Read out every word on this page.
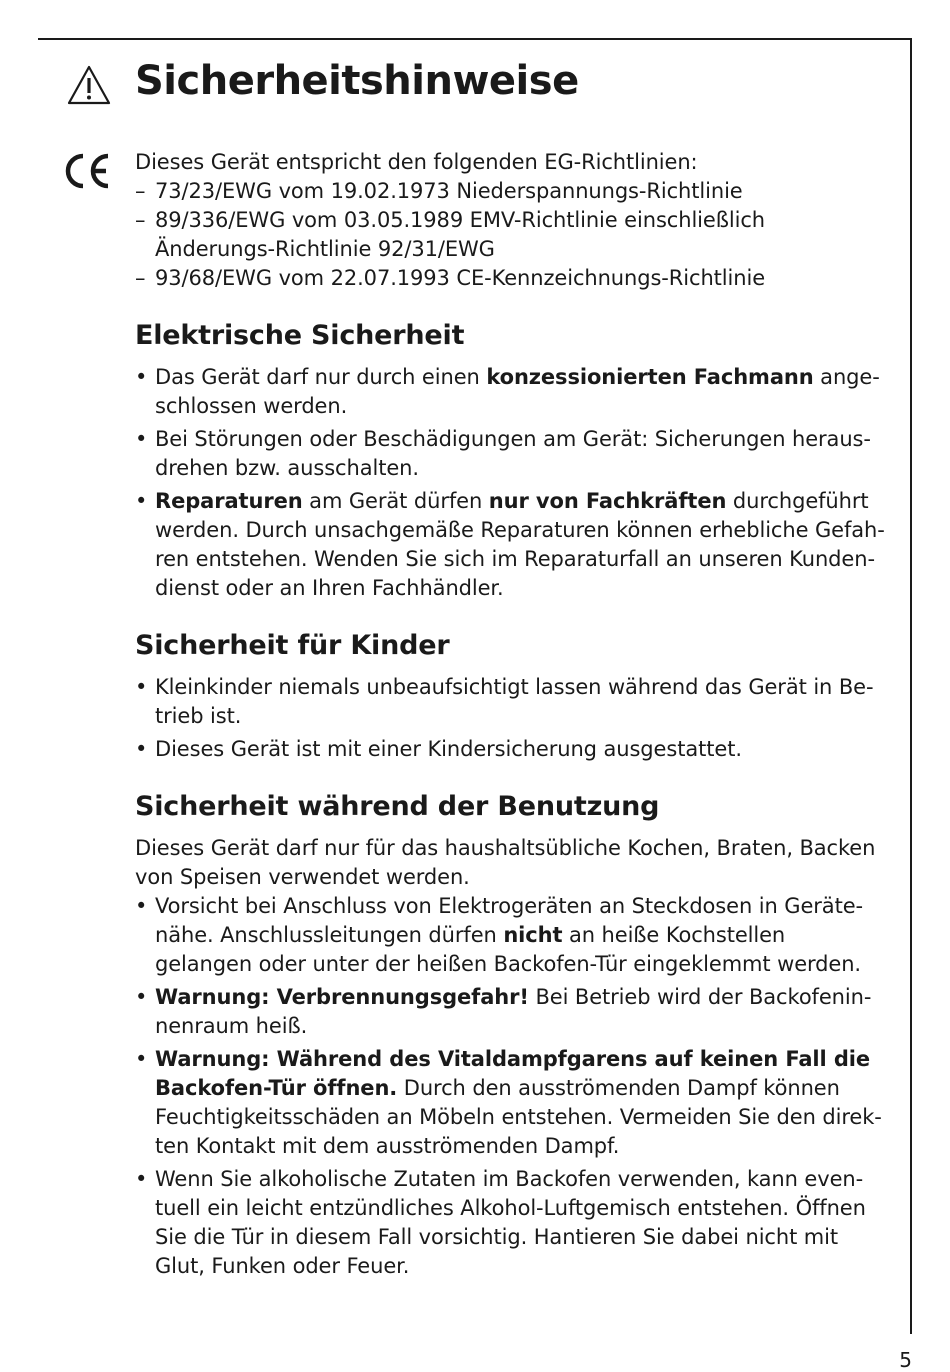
Sicherheitshinweise

Dieses Gerät entspricht den folgenden EG-Richtlinien:

– 73/23/EWG vom 19.02.1973 Niederspannungs-Richtlinie

– 89/336/EWG vom 03.05.1989 EMV-Richtlinie einschließlich Änderungs-Richtlinie 92/31/EWG

– 93/68/EWG vom 22.07.1993 CE-Kennzeichnungs-Richtlinie

Elektrische Sicherheit
• Das Gerät darf nur durch einen konzessionierten Fachmann angeschlossen werden.
• Bei Störungen oder Beschädigungen am Gerät: Sicherungen herausdrehen bzw. ausschalten.
• Reparaturen am Gerät dürfen nur von Fachkräften durchgeführt werden. Durch unsachgemäße Reparaturen können erhebliche Gefahren entstehen. Wenden Sie sich im Reparaturfall an unseren Kundendienst oder an Ihren Fachhändler.
Sicherheit für Kinder
• Kleinkinder niemals unbeaufsichtigt lassen während das Gerät in Betrieb ist.
• Dieses Gerät ist mit einer Kindersicherung ausgestattet.
Sicherheit während der Benutzung

Dieses Gerät darf nur für das haushaltsübliche Kochen, Braten, Backen von Speisen verwendet werden.

• Vorsicht bei Anschluss von Elektrogeräten an Steckdosen in Gerätenähe. Anschlussleitungen dürfen nicht an heiße Kochstellen gelangen oder unter der heißen Backofen-Tür eingeklemmt werden.
• Warnung: Verbrennungsgefahr! Bei Betrieb wird der Backofeninnenraum heiß.
• Warnung: Während des Vitaldampfgarens auf keinen Fall die Backofen-Tür öffnen. Durch den ausströmenden Dampf können Feuchtigkeitsschäden an Möbeln entstehen. Vermeiden Sie den direkten Kontakt mit dem ausströmenden Dampf.
• Wenn Sie alkoholische Zutaten im Backofen verwenden, kann eventuell ein leicht entzündliches Alkohol-Luftgemisch entstehen. Öffnen Sie die Tür in diesem Fall vorsichtig. Hantieren Sie dabei nicht mit Glut, Funken oder Feuer.
5
